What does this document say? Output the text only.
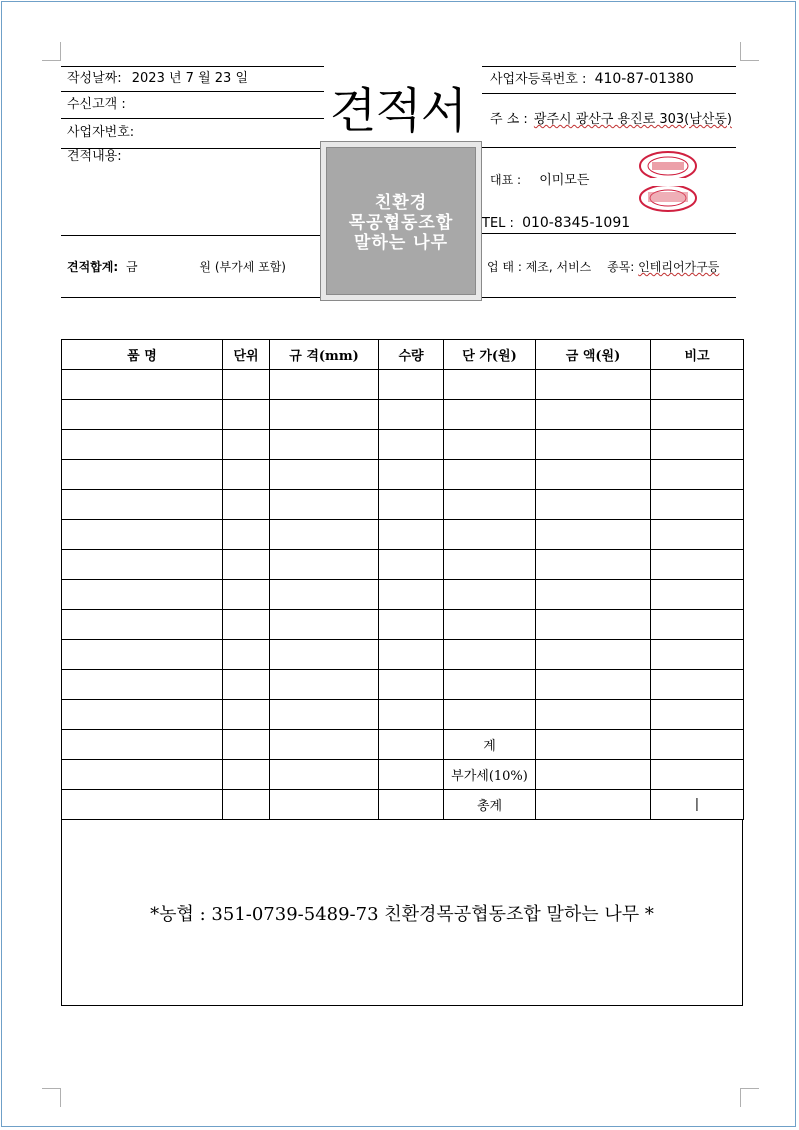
작성날짜: 2023 년 7 월 23 일
수신고객 :
사업자번호:
견적내용:
견적합계: 금	원 (부가세 포함)
견적서
친환경
목공협동조합
말하는 나무
사업자등록번호 : 410-87-01380
주 소 : 광주시 광산구 용진로 303(남산동)
대표 : 이미모든
TEL : 010-8345-1091
업 태 : 제조, 서비스 종목: 인테리어가구등
품 명	단위	규 격(mm)	수량	단 가(원)	금 액(원)	비고

				계		
				부가세(10%)		
				총계		|
*농협 : 351-0739-5489-73 친환경목공협동조합 말하는 나무 *
